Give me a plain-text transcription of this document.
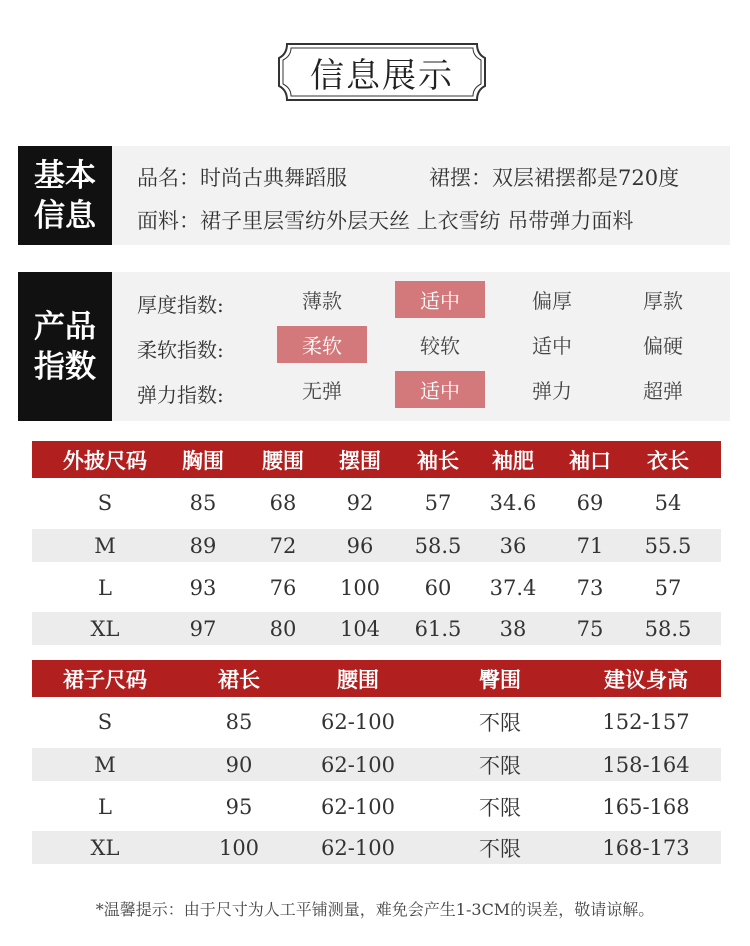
信息展示
基本
信息
品名：时尚古典舞蹈服	裙摆：双层裙摆都是720度
面料：裙子里层雪纺外层天丝 上衣雪纺 吊带弹力面料
产品
指数
厚度指数:	薄款	适中	偏厚	厚款
柔软指数:	柔软	较软	适中	偏硬
弹力指数:	无弹	适中	弹力	超弹
外披尺码 胸围 腰围 摆围 袖长 袖肥 袖口 衣长
S	85	68 92 57 34.6 69 54
M	89	72 96 58.5 36 71 55.5
L	93	76 100 60 37.4 73 57
XL	97	80 104 61.5 38 75 58.5
裙子尺码	裙长	腰围	臀围	建议身高
S	85	62-100	不限	152-157
M	90	62-100	不限	158-164
L	95	62-100	不限	165-168
XL	100	62-100	不限	168-173
*温馨提示：由于尺寸为人工平铺测量，难免会产生1-3CM的误差，敬请谅解。
